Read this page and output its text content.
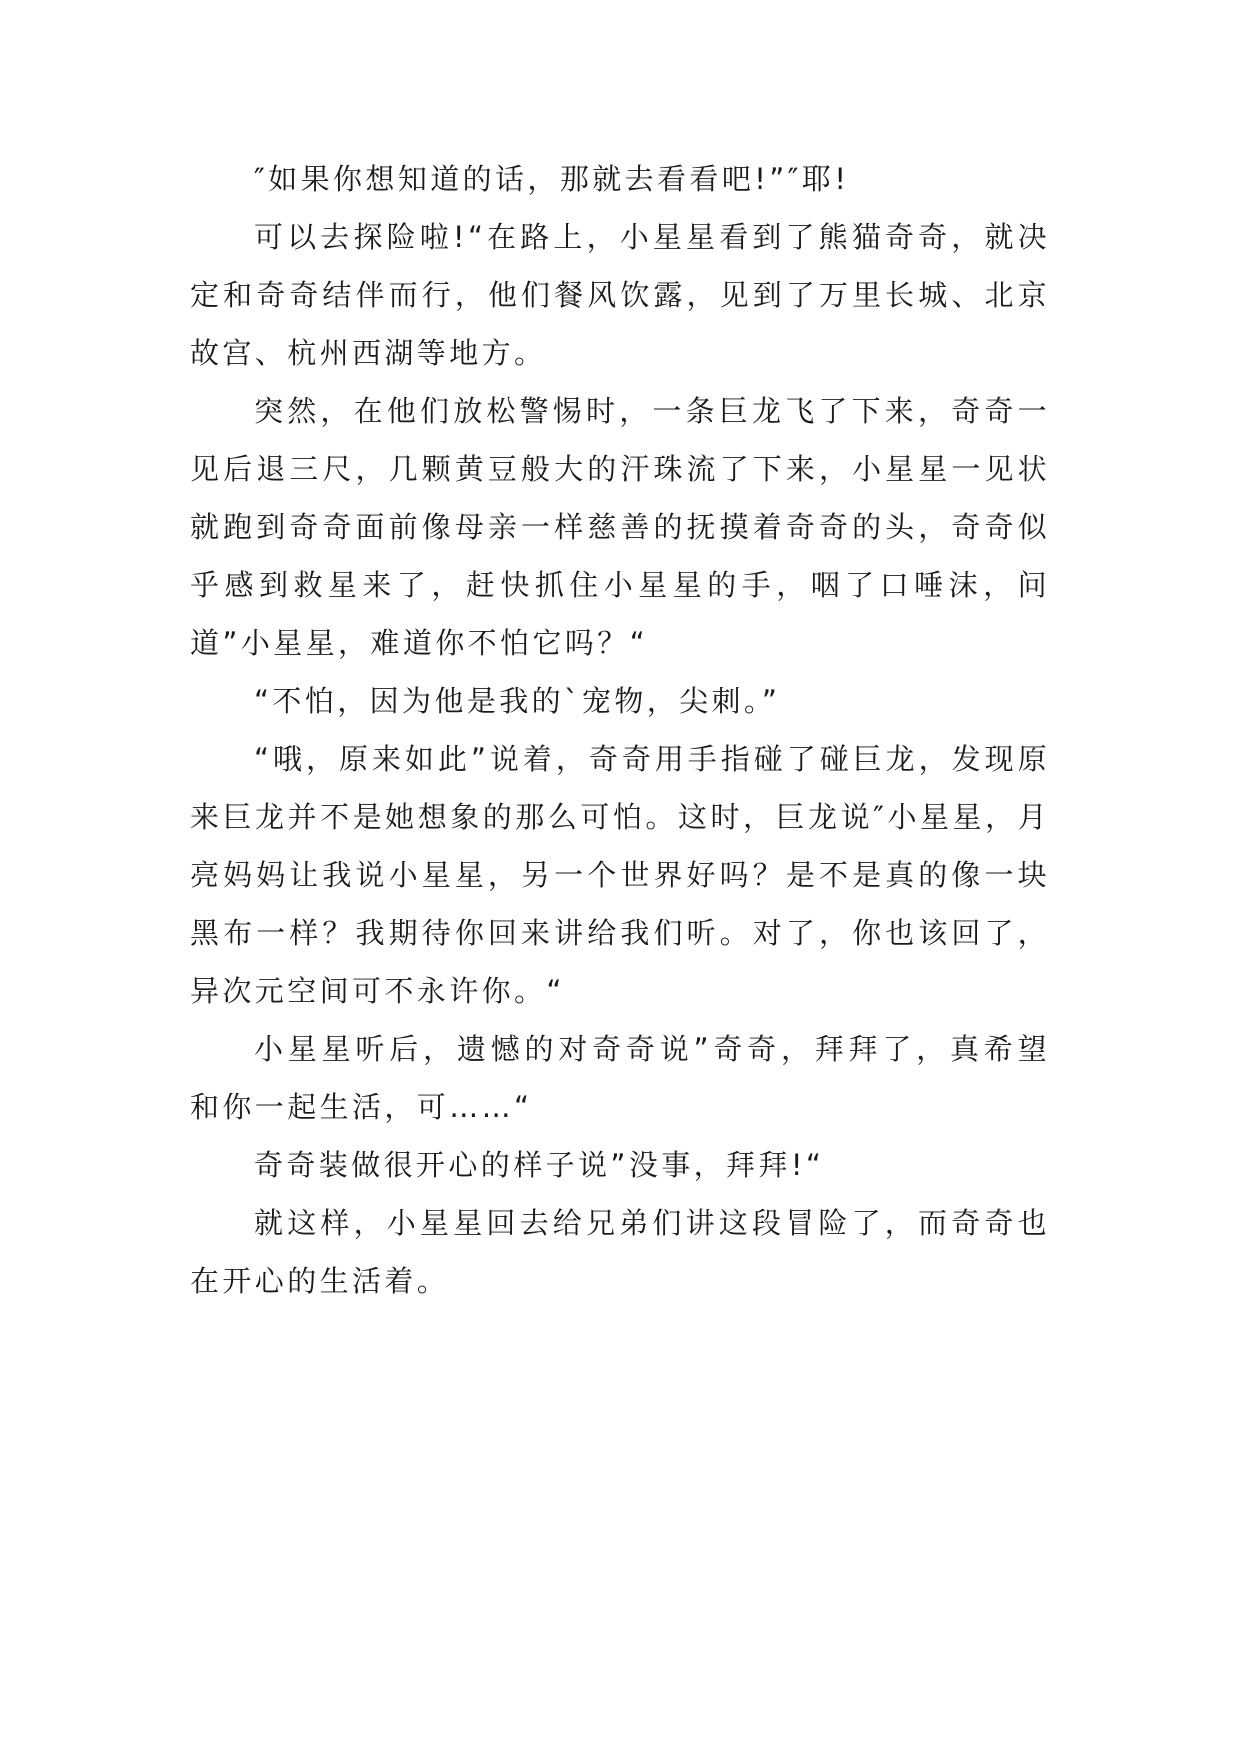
″如果你想知道的话，那就去看看吧!”″耶!

可以去探险啦!“在路上，小星星看到了熊猫奇奇，就决定和奇奇结伴而行，他们餐风饮露，见到了万里长城、北京故宫、杭州西湖等地方。

突然，在他们放松警惕时，一条巨龙飞了下来，奇奇一见后退三尺，几颗黄豆般大的汗珠流了下来，小星星一见状就跑到奇奇面前像母亲一样慈善的抚摸着奇奇的头，奇奇似乎感到救星来了，赶快抓住小星星的手，咽了口唾沫，问道”小星星，难道你不怕它吗？“

“不怕，因为他是我的`宠物，尖刺。”

“哦，原来如此”说着，奇奇用手指碰了碰巨龙，发现原来巨龙并不是她想象的那么可怕。这时，巨龙说″小星星，月亮妈妈让我说小星星，另一个世界好吗？是不是真的像一块黑布一样？我期待你回来讲给我们听。对了，你也该回了，异次元空间可不永许你。“

小星星听后，遗憾的对奇奇说”奇奇，拜拜了，真希望和你一起生活，可……“

奇奇装做很开心的样子说”没事，拜拜!“

就这样，小星星回去给兄弟们讲这段冒险了，而奇奇也在开心的生活着。
